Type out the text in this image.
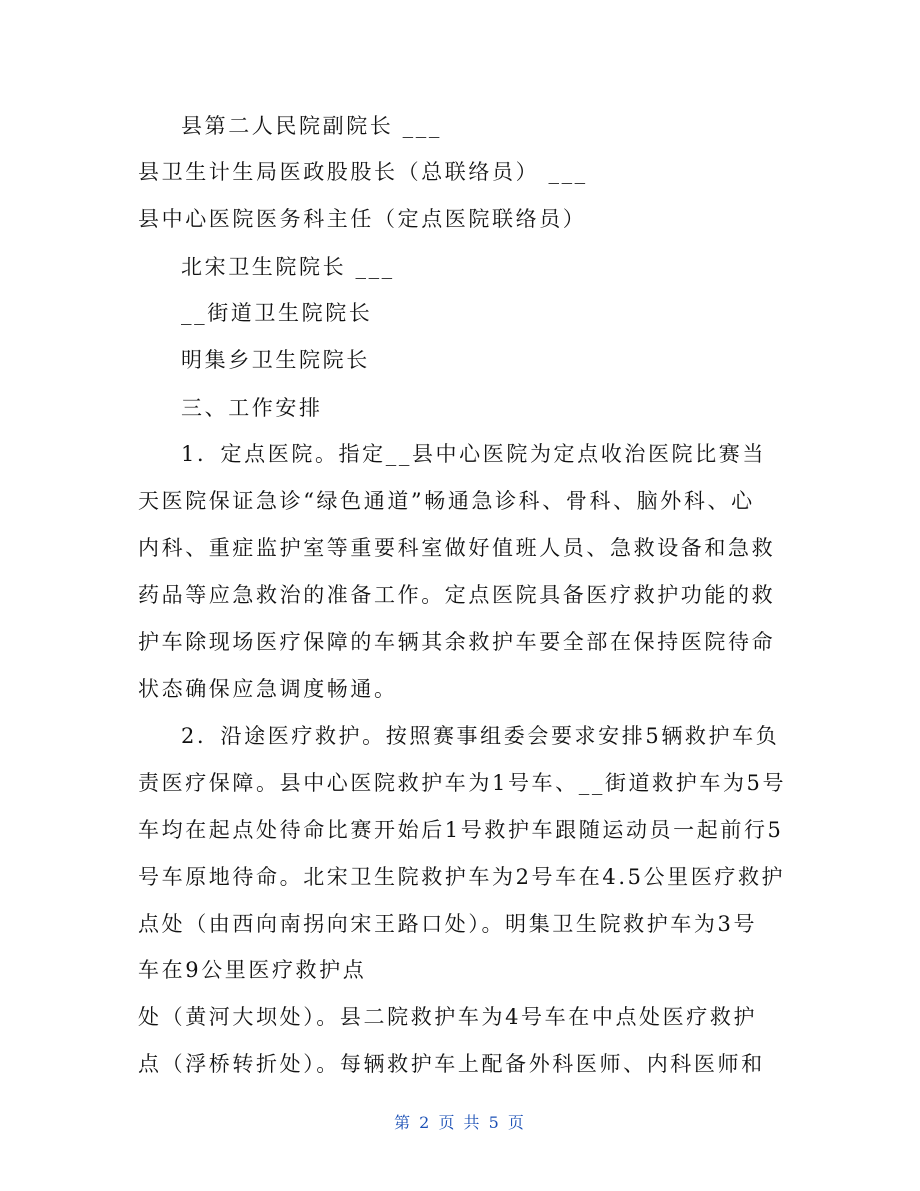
县第二人民院副院长 ___
县卫生计生局医政股股长（总联络员） ___
县中心医院医务科主任（定点医院联络员）
北宋卫生院院长 ___
__街道卫生院院长
明集乡卫生院院长
三、工作安排
1．定点医院。指定__县中心医院为定点收治医院比赛当
天医院保证急诊“绿色通道”畅通急诊科、骨科、脑外科、心
内科、重症监护室等重要科室做好值班人员、急救设备和急救
药品等应急救治的准备工作。定点医院具备医疗救护功能的救
护车除现场医疗保障的车辆其余救护车要全部在保持医院待命
状态确保应急调度畅通。
2．沿途医疗救护。按照赛事组委会要求安排5辆救护车负
责医疗保障。县中心医院救护车为1号车、__街道救护车为5号
车均在起点处待命比赛开始后1号救护车跟随运动员一起前行5
号车原地待命。北宋卫生院救护车为2号车在4.5公里医疗救护
点处（由西向南拐向宋王路口处）。明集卫生院救护车为3号
车在9公里医疗救护点
处（黄河大坝处）。县二院救护车为4号车在中点处医疗救护
点（浮桥转折处）。每辆救护车上配备外科医师、内科医师和
第 2 页 共 5 页
